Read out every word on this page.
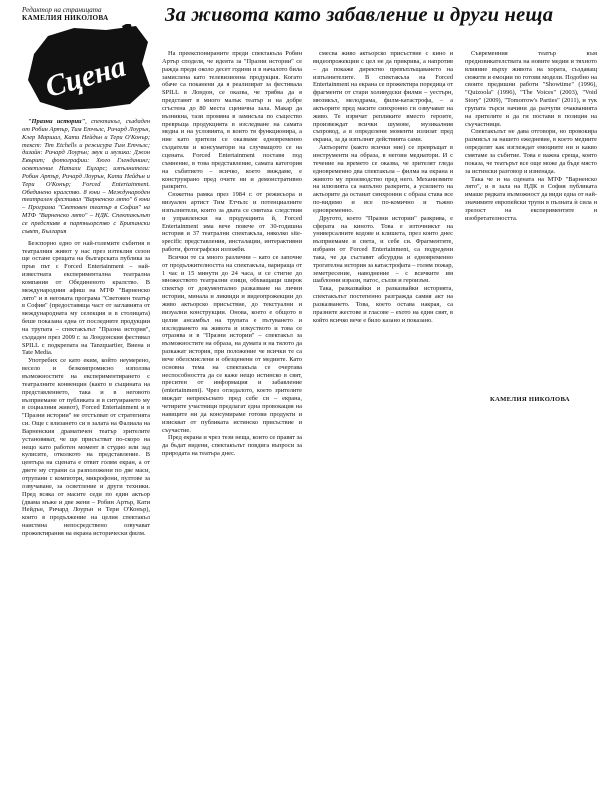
Редактор на страницата
КАМЕЛИЯ НИКОЛОВА	За живота като забавление и други неща
Сцена

"Празни истории", спектакъл, създаден от Робин Артър, Тим Етчълс, Ричард Лоурън, Клер Маршал, Кати Нейдън и Тери О'Конър; текст: Tim Etchells и режисура Тим Етчълс; дизайн: Ричард Лоурън; звук и музика: Джон Евърит; фотографии: Хюго Гленданинг; осветление Натали Ецгарс; изпълнители: Робин Артър, Ричард Лоурън, Кати Нейдън и Тери О'Конър; Forced Entertainment. Обединено кралство. 8 юни – Международен театрален фестивал "Варненско лято" 6 юни – Програма "Световен театър в София" на МТФ "Варненско лято" – НДК. Спектакълът се представя в партньорство с Британски съвет, България

Безспорно едно от най-големите събития в театралния живот у нас през изтеклия сезон ще остане срещата на българската публика за пръв път с Forced Entertainment – най-известната експериментална театрална компания от Обединеното кралство. В международния афиш на МТФ "Варненско лято" и в неговата програма "Световен театър в София" (предоставяща част от заглавията от международната му селекция и в столицата) беше показана една от последните продукции на трупата – спектакълът "Празна история", създаден през 2009 г. за Лондонския фестивал SPILL с подкрепата на Tanzquartier, Виена и Tate Media.

Употребих се като еким, който неумерено, весело и безкомпромисно използва възможностите на експериментирането с театралните конвенции (както в същината на представлението, така и в неговото възприемане от публиката и в ситуирането му в социалния живот), Forced Entertainment и в "Празни истории" не отстъпват от стратегията си. Още с влизането си в залата на Фалиала на Варненския драматичен театър зрителите установяват, че ще присъстват по-скоро на нещо като работен момент в студио или зад кулисите, отколкото на представление. В центъра на сцената е отвит голям екран, а от двете му страни са разположени по две маси, отрупани с компютри, микрофони, пултове за озвучаване, за осветление и други техники. Пред всяка от масите седи по един актьор (двама мъже и две жени – Робин Артър, Кати Нейдън, Ричард Лоурън и Тери О'Конър), които в продължение на целия спектакъл наистина непосредствено озвучават прожектирания на екрана исторически филм.

На преекспонираните преди спектакъла Робин Артър споделя, че идеята за "Празни истории" се ражда преди около десет години и в началото била замислена като телевизионна продукция. Когато обаче са поканени да я реализират за фестивала SPILL в Лондон, се оказва, че трябва да я представят в много малък театър и на добре сгъстена до 80 места сценична зала. Макар да възникна, тази промяна в замисъла по същество превръща продукцията в изследване на самата медиа и на условията, в които тя функционира, а ние като зрители се оказваме едновременно създатели и консуматори на случващото се на сцената. Forced Entertainment поставя под съмнение, в това представление, самата категория на събитието – всичко, което виждаме, е конструирано пред очите ни и демонстративно разкрито.

Сюжетна рамка прeз 1984 г. от режисьора и визуален артист Тим Етчълс и потенциалните изпълнители, които за двата се смятаха следствия и управленски на продукцията й, Forced Entertainment има вече повече от 30-годишна история и 37 театрални спектакъла, няколко site-specific представления, инсталации, интерактивни работи, фотографски изложби.

Всички те са много различни – като се започне от продължителността на спектакъла, варираща от 1 час и 15 минути до 24 часа, и се стигне до множеството театрални езици, обхващащи широк спектър от документално разказване на лични истории, минала и ликвиди и видеопрожекции до живо актьорско присъствие, до текстуални и визуални конструкции. Онова, което е общото в целия ансамбъл на трупата е пътуването и изследването на живота и изкуството и това се отразява и в "Празни истории" – спектакъл за възможностите на образа, на думата и на тялото да разкажат история, при положение че всички те са вече обезсмислени и обезценени от медиите. Като основна тема на спектакъла се очертава неспособността да се каже нещо истинско в свят, преситен от информация и забавление (entertainment). Чрез огледалото, което зрителите виждат непрекъснато пред себе си – екрана, четирите участници предлагат една провокация на навиците ни да консумираме готови продукти и изискват от публиката истинско присъствие и съучастие.

Пред екрана и чрез тези неща, които се правят за да бъдат видени, спектакълът повдига въпроси за природата на театъра днес.

смесва живо актьорско присъствие с кино и видеопрожекции с цел не да прикрива, а напротив – да покаже директно превъплъщаването на изпълнителите. В спектакъла на Forced Entertainment на екрана се прожектира поредица от фрагменти от стари холивудски филми – уестърн, мюзикъл, мелодрама, филм-катастрофа, – а актьорите пред масите синхронно ги озвучават на живо. Те изричат репликите вместо героите, произвеждат всички шумове, музикалния съпровод, а в определени моменти излизат пред екрана, за да изпълнят действията сами.

Актьорите (както всички ние) се превръщат в инструменти на образа, в негови медиатори. И с течение на времето се оказва, че зрителят гледа едновременно два спектакъла – филма на екрана и живото му производство пред него. Механизмите на илюзията са напълно разкрити, а усилието на актьорите да останат синхронни с образа става все по-видимо и все по-комично и тъжно едновременно.

Другото, което "Празни истории" разкрива, е сферата на киното. Това е източникът на универсалните кодове и клишета, през които днес възприемаме и света, и себе си. Фрагментите, избрани от Forced Entertainment, са подредени така, че да съставят абсурдна и едновременно трогателна история за катастрофата – голям пожар, земетресение, наводнение – с всичките им шаблонни изрази, патос, сълзи и героизъм.

Така, разказвайки и разказвайки историята, спектакълът постепенно разгражда самия акт на разказването. Това, което остава накрая, са празните жестове и гласове – ехото на един свят, в който всичко вече е било казано и показано.

Съвременния театър към предизвикателствата на новите медии и тяхното влияние върху живота на хората, създаващ сюжети и емоции по готови модели. Подобно на своите предишни работи "Showtime" (1996), "Quizoola" (1996), "The Voices" (2003), "Void Story" (2009), "Tomorrow's Parties" (2011), и тук групата търси начини да разчупи очакванията на зрителите и да ги постави в позиция на съучастници.

Спектакълът не дава отговори, но провокира размисъл за нашето ежедневие, в което медиите определят как изглеждат емоциите ни и какво смятаме за събитие. Това е важна среща, която показа, че театърът все още може да бъде място за истински разговор и изненада.

Така че и на сцената на МТФ "Варненско лято", и в зала на НДК в София публиката имаше рядката възможност да види една от най-значимите европейски трупи в пълната ѝ сила и зрелост на експериментите и изобретателността.

КАМЕЛИЯ НИКОЛОВА
